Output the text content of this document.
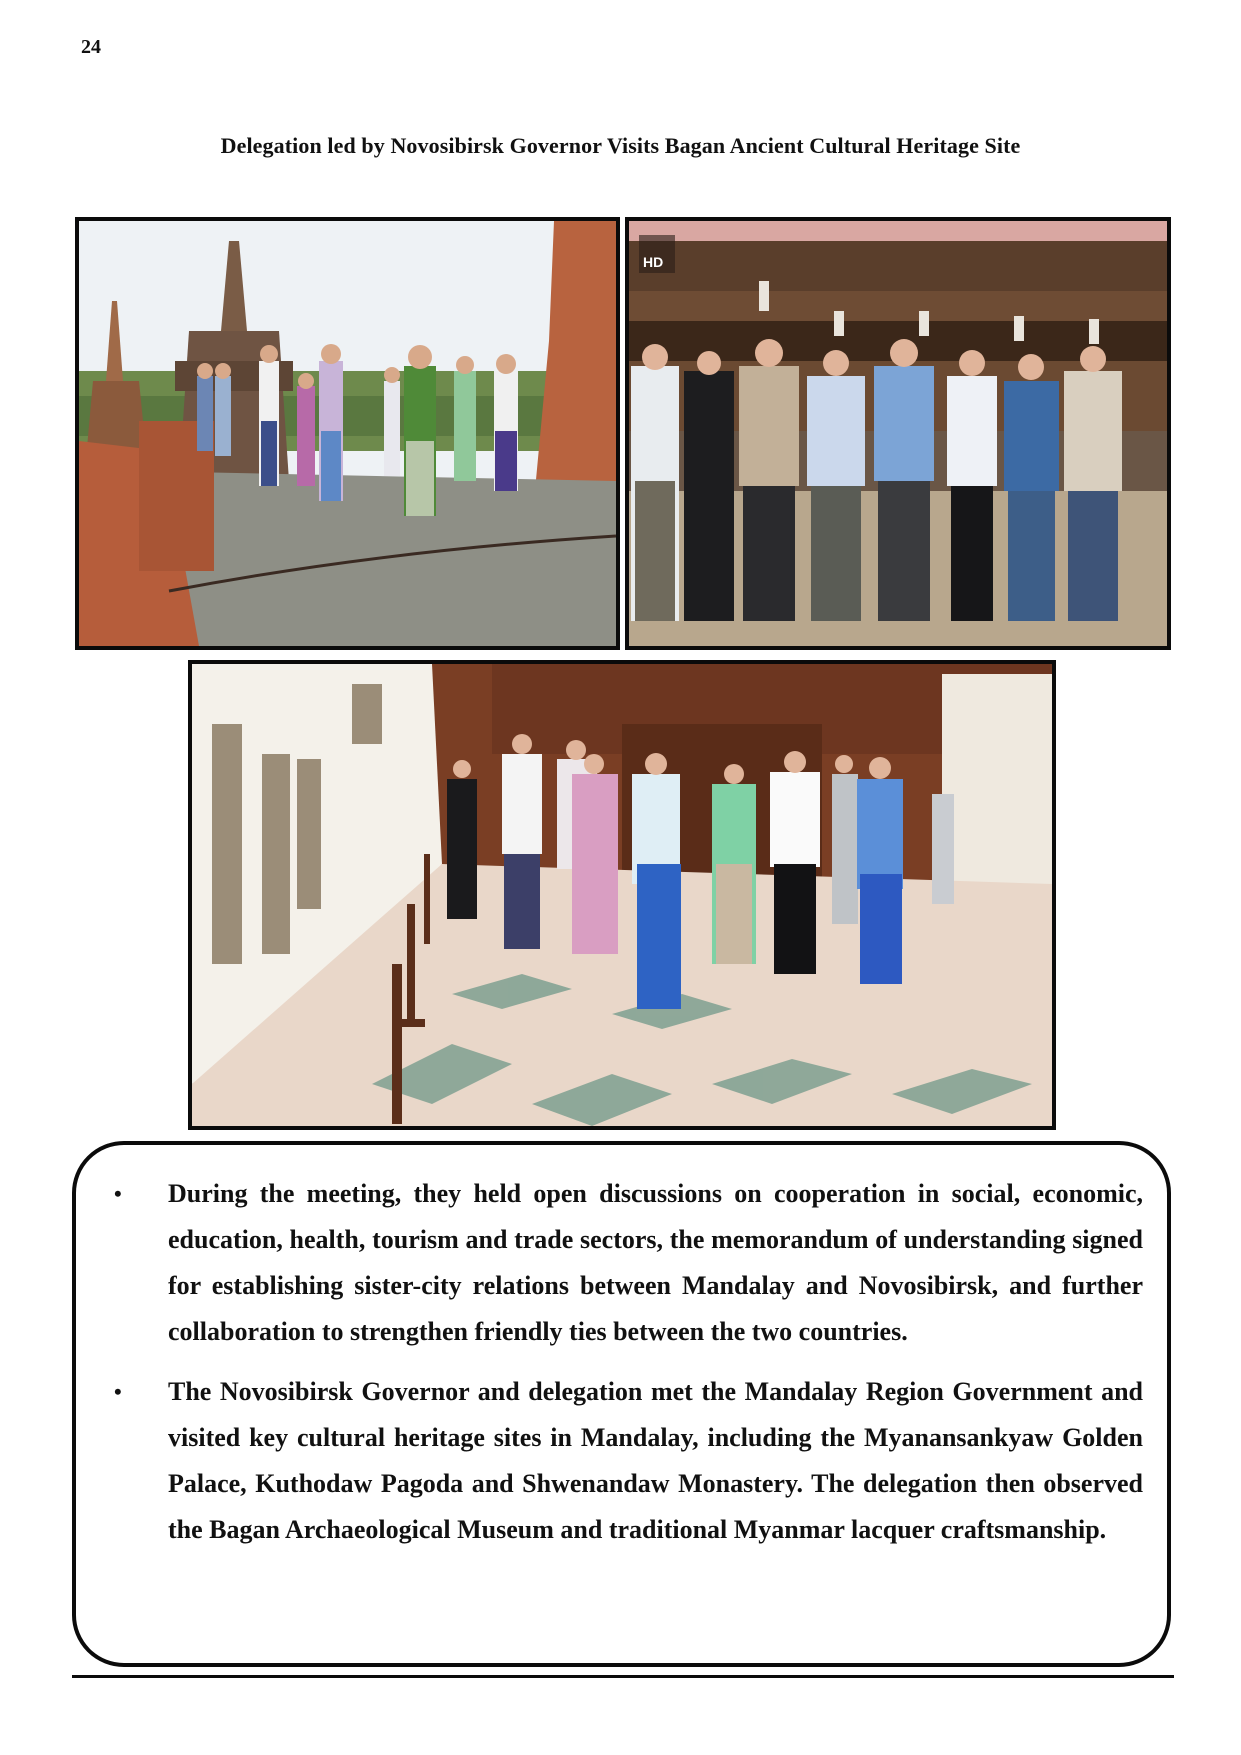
24
Delegation led by Novosibirsk Governor Visits Bagan Ancient Cultural Heritage Site
HD
• During the meeting, they held open discussions on cooperation in social, economic, education, health, tourism and trade sectors, the memorandum of understanding signed for establishing sister-city relations between Mandalay and Novosibirsk, and further collaboration to strengthen friendly ties between the two countries.
• The Novosibirsk Governor and delegation met the Mandalay Region Government and visited key cultural heritage sites in Mandalay, including the Myanansankyaw Golden Palace, Kuthodaw Pagoda and Shwenandaw Monastery. The delegation then observed the Bagan Archaeological Museum and traditional Myanmar lacquer craftsmanship.
